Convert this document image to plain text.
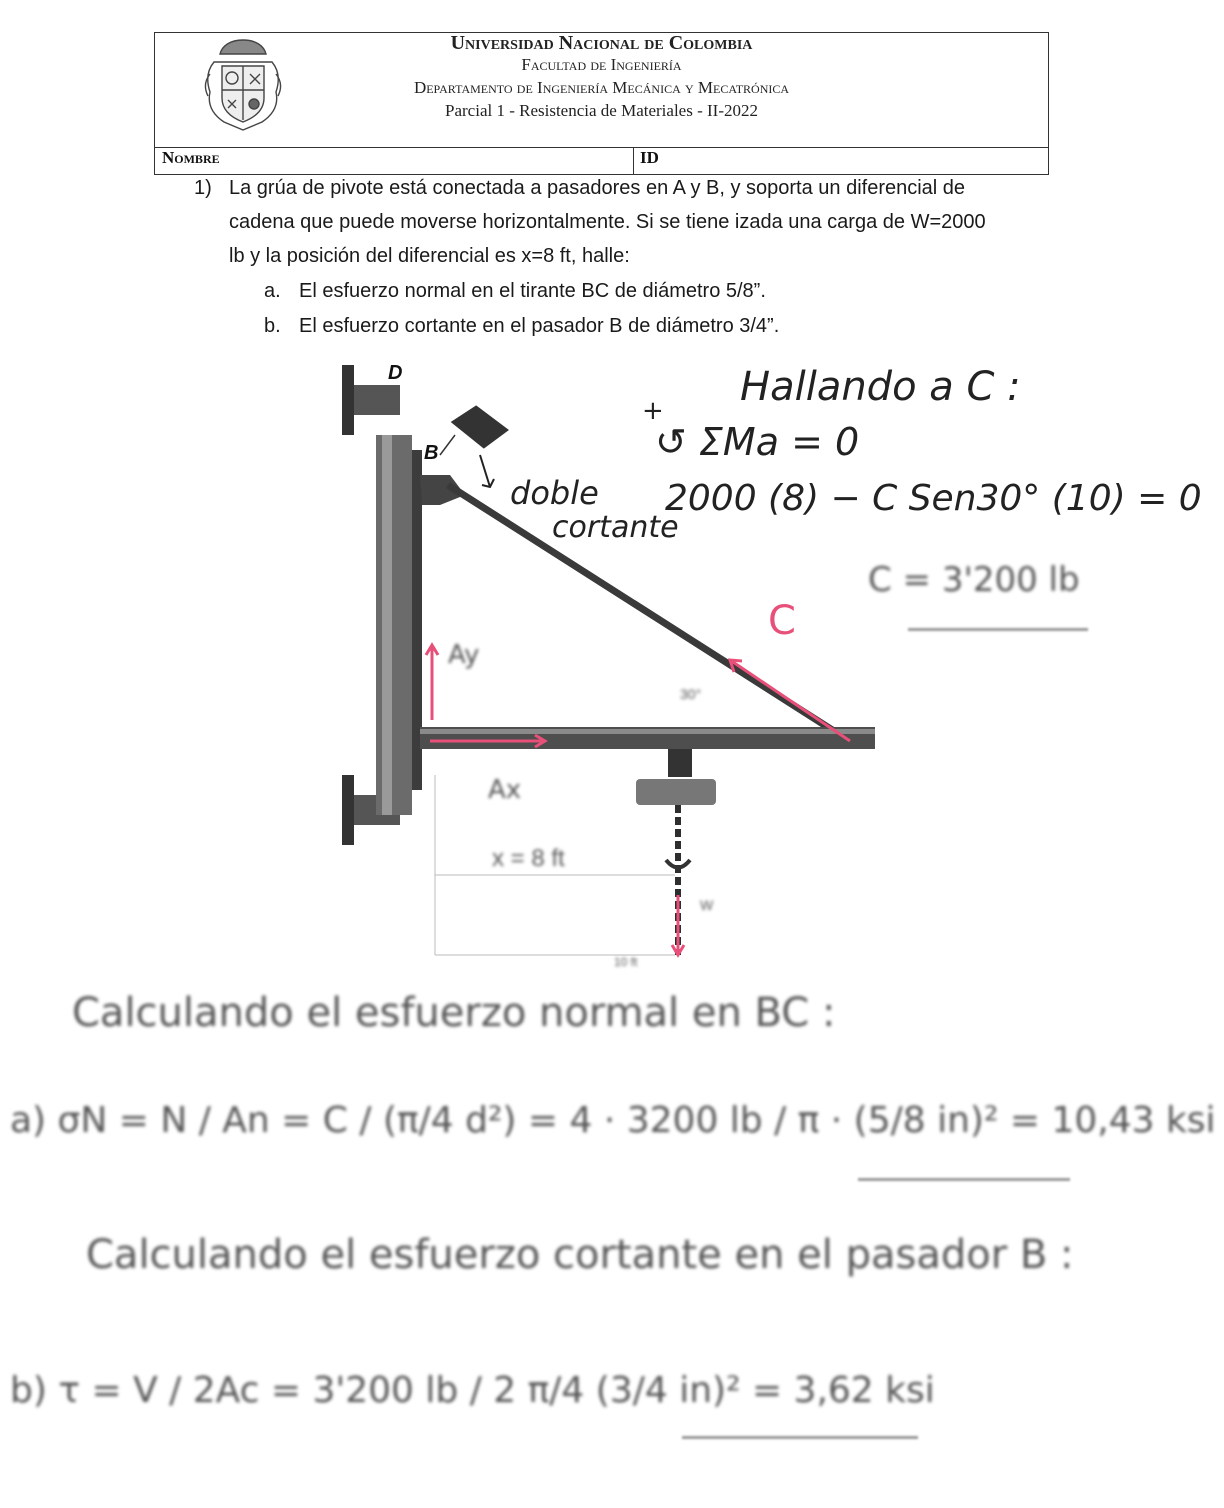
Universidad Nacional de Colombia
Facultad de Ingeniería
Departamento de Ingeniería Mecánica y Mecatrónica
Parcial 1 - Resistencia de Materiales - II-2022
Nombre	ID
1) La grúa de pivote está conectada a pasadores en A y B, y soporta un diferencial de
cadena que puede moverse horizontalmente. Si se tiene izada una carga de W=2000
lb y la posición del diferencial es x=8 ft, halle:
a. El esfuerzo normal en el tirante BC de diámetro 5/8”.
b. El esfuerzo cortante en el pasador B de diámetro 3/4”.
D
B
C
Ay
Ax
x = 8 ft
30°
W
10 ft
doble
cortante
Hallando a C :
+
↺ ΣMa = 0
2000 (8) − C Sen30° (10) = 0
C = 3'200 lb
Calculando el esfuerzo normal en BC :
a) σN = N / An = C / (π/4 d²) = 4 · 3200 lb / π · (5/8 in)² = 10,43 ksi
Calculando el esfuerzo cortante en el pasador B :
b) τ = V / 2Ac = 3'200 lb / 2 π/4 (3/4 in)² = 3,62 ksi
